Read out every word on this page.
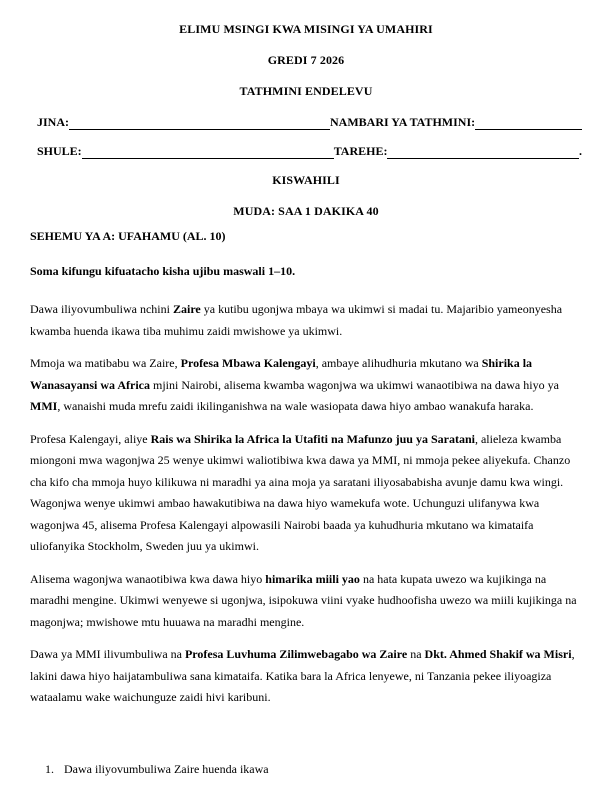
ELIMU MSINGI KWA MISINGI YA UMAHIRI
GREDI 7 2026
TATHMINI ENDELEVU
JINA:	NAMBARI YA TATHMINI:
SHULE:	TAREHE:	.
KISWAHILI
MUDA: SAA 1 DAKIKA 40
SEHEMU YA A: UFAHAMU (AL. 10)
Soma kifungu kifuatacho kisha ujibu maswali 1–10.

Dawa iliyovumbuliwa nchini Zaire ya kutibu ugonjwa mbaya wa ukimwi si madai tu. Majaribio yameonyesha kwamba huenda ikawa tiba muhimu zaidi mwishowe ya ukimwi.

Mmoja wa matibabu wa Zaire, Profesa Mbawa Kalengayi, ambaye alihudhuria mkutano wa Shirika la Wanasayansi wa Africa mjini Nairobi, alisema kwamba wagonjwa wa ukimwi wanaotibiwa na dawa hiyo ya MMI, wanaishi muda mrefu zaidi ikilinganishwa na wale wasiopata dawa hiyo ambao wanakufa haraka.

Profesa Kalengayi, aliye Rais wa Shirika la Africa la Utafiti na Mafunzo juu ya Saratani, alieleza kwamba miongoni mwa wagonjwa 25 wenye ukimwi waliotibiwa kwa dawa ya MMI, ni mmoja pekee aliyekufa. Chanzo cha kifo cha mmoja huyo kilikuwa ni maradhi ya aina moja ya saratani iliyosababisha avunje damu kwa wingi. Wagonjwa wenye ukimwi ambao hawakutibiwa na dawa hiyo wamekufa wote. Uchunguzi ulifanywa kwa wagonjwa 45, alisema Profesa Kalengayi alpowasili Nairobi baada ya kuhudhuria mkutano wa kimataifa uliofanyika Stockholm, Sweden juu ya ukimwi.

Alisema wagonjwa wanaotibiwa kwa dawa hiyo himarika miili yao na hata kupata uwezo wa kujikinga na maradhi mengine. Ukimwi wenyewe si ugonjwa, isipokuwa viini vyake hudhoofisha uwezo wa miili kujikinga na magonjwa; mwishowe mtu huuawa na maradhi mengine.

Dawa ya MMI ilivumbuliwa na Profesa Luvhuma Zilimwebagabo wa Zaire na Dkt. Ahmed Shakif wa Misri, lakini dawa hiyo haijatambuliwa sana kimataifa. Katika bara la Africa lenyewe, ni Tanzania pekee iliyoagiza wataalamu wake waichunguze zaidi hivi karibuni.

1. Dawa iliyovumbuliwa Zaire huenda ikawa
